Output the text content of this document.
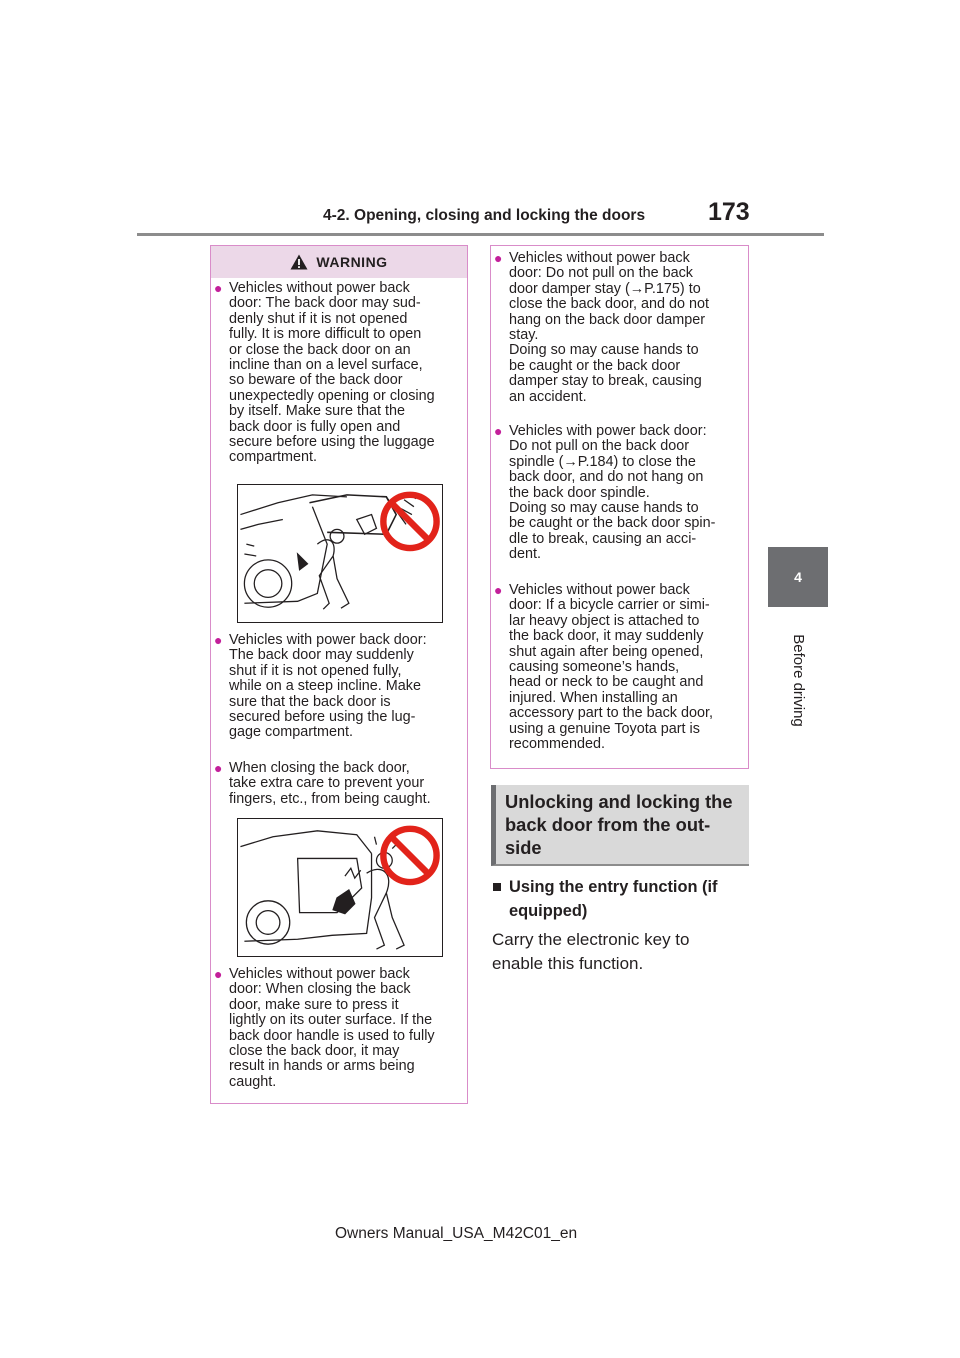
4-2. Opening, closing and locking the doors	173
4
Before driving
WARNING
● Vehicles without power back
door: The back door may sud-
denly shut if it is not opened
fully. It is more difficult to open
or close the back door on an
incline than on a level surface,
so beware of the back door
unexpectedly opening or closing
by itself. Make sure that the
back door is fully open and
secure before using the luggage
compartment.
● Vehicles with power back door:
The back door may suddenly
shut if it is not opened fully,
while on a steep incline. Make
sure that the back door is
secured before using the lug-
gage compartment.
● When closing the back door,
take extra care to prevent your
fingers, etc., from being caught.
● Vehicles without power back
door: When closing the back
door, make sure to press it
lightly on its outer surface. If the
back door handle is used to fully
close the back door, it may
result in hands or arms being
caught.
● Vehicles without power back
door: Do not pull on the back
door damper stay (→P.175) to
close the back door, and do not
hang on the back door damper
stay.
Doing so may cause hands to
be caught or the back door
damper stay to break, causing
an accident.
● Vehicles with power back door:
Do not pull on the back door
spindle (→P.184) to close the
back door, and do not hang on
the back door spindle.
Doing so may cause hands to
be caught or the back door spin-
dle to break, causing an acci-
dent.
● Vehicles without power back
door: If a bicycle carrier or simi-
lar heavy object is attached to
the back door, it may suddenly
shut again after being opened,
causing someone’s hands,
head or neck to be caught and
injured. When installing an
accessory part to the back door,
using a genuine Toyota part is
recommended.
Unlocking and locking the
back door from the out-
side
Using the entry function (if
equipped)
Carry the electronic key to
enable this function.
Owners Manual_USA_M42C01_en
